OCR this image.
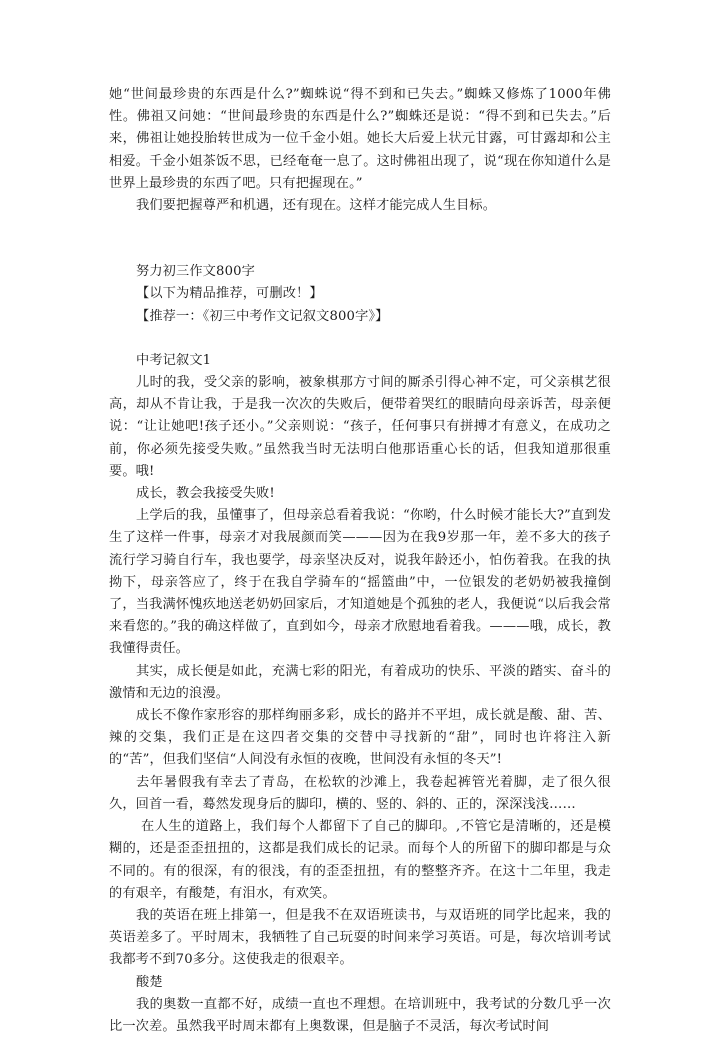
她“世间最珍贵的东西是什么?”蜘蛛说“得不到和已失去。”蜘蛛又修炼了1000年佛性。佛祖又问她：“世间最珍贵的东西是什么?”蜘蛛还是说：“得不到和已失去。”后来，佛祖让她投胎转世成为一位千金小姐。她长大后爱上状元甘露，可甘露却和公主相爱。千金小姐茶饭不思，已经奄奄一息了。这时佛祖出现了，说“现在你知道什么是世界上最珍贵的东西了吧。只有把握现在。”

我们要把握尊严和机遇，还有现在。这样才能完成人生目标。

努力初三作文800字

【以下为精品推荐，可删改！】

【推荐一：《初三中考作文记叙文800字》】

中考记叙文1

儿时的我，受父亲的影响，被象棋那方寸间的厮杀引得心神不定，可父亲棋艺很高，却从不肯让我，于是我一次次的失败后，便带着哭红的眼睛向母亲诉苦，母亲便说：“让让她吧!孩子还小。”父亲则说：“孩子，任何事只有拼搏才有意义，在成功之前，你必须先接受失败。”虽然我当时无法明白他那语重心长的话，但我知道那很重要。哦!

成长，教会我接受失败!

上学后的我，虽懂事了，但母亲总看着我说：“你哟，什么时候才能长大?”直到发生了这样一件事，母亲才对我展颜而笑———因为在我9岁那一年，差不多大的孩子流行学习骑自行车，我也要学，母亲坚决反对，说我年龄还小，怕伤着我。在我的执拗下，母亲答应了，终于在我自学骑车的“摇篮曲”中，一位银发的老奶奶被我撞倒了，当我满怀愧疚地送老奶奶回家后，才知道她是个孤独的老人，我便说“以后我会常来看您的。”我的确这样做了，直到如今，母亲才欣慰地看着我。———哦，成长，教我懂得责任。

其实，成长便是如此，充满七彩的阳光，有着成功的快乐、平淡的踏实、奋斗的激情和无边的浪漫。

成长不像作家形容的那样绚丽多彩，成长的路并不平坦，成长就是酸、甜、苦、辣的交集，我们正是在这四者交集的交替中寻找新的“甜”，同时也许将注入新的“苦”，但我们坚信“人间没有永恒的夜晚，世间没有永恒的冬天”!

去年暑假我有幸去了青岛，在松软的沙滩上，我卷起裤管光着脚，走了很久很久，回首一看，蓦然发现身后的脚印，横的、竖的、斜的、正的，深深浅浅……

在人生的道路上，我们每个人都留下了自己的脚印。,不管它是清晰的，还是模糊的，还是歪歪扭扭的，这都是我们成长的记录。而每个人的所留下的脚印都是与众不同的。有的很深，有的很浅，有的歪歪扭扭，有的整整齐齐。在这十二年里，我走的有艰辛，有酸楚，有泪水，有欢笑。

我的英语在班上排第一，但是我不在双语班读书，与双语班的同学比起来，我的英语差多了。平时周末，我牺牲了自己玩耍的时间来学习英语。可是，每次培训考试我都考不到70多分。这使我走的很艰辛。

酸楚

我的奥数一直都不好，成绩一直也不理想。在培训班中，我考试的分数几乎一次比一次差。虽然我平时周末都有上奥数课，但是脑子不灵活，每次考试时间
